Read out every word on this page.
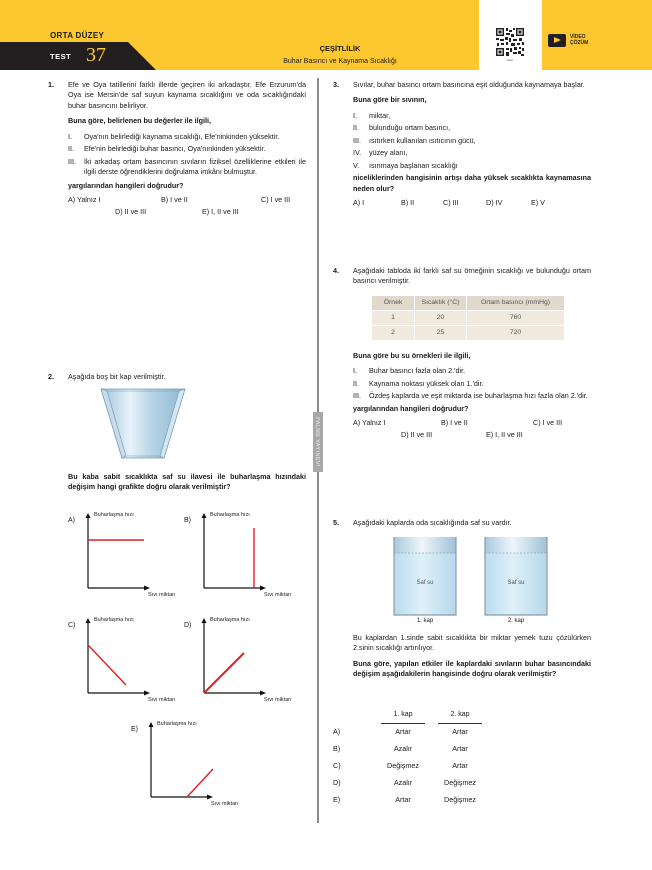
ORTA DÜZEY
TEST 37	ÇEŞİTLİLİK
Buhar Basıncı ve Kaynama Sıcaklığı	▪▪▪▪▪▪
VİDEO
ÇÖZÜM
PALME YAYINEVİ
1. Efe ve Oya tatillerini farklı illerde geçiren iki arkadaştır. Efe Erzurum'da Oya ise Mersin'de saf suyun kaynama sıcaklığını ve oda sıcaklığındaki buhar basıncını belirliyor.
Buna göre, belirlenen bu değerler ile ilgili,
I. Oya'nın belirlediği kaynama sıcaklığı, Efe'ninkinden yüksektir.
II. Efe'nin belirlediği buhar basıncı, Oya'nınkinden yüksektir.
III. İki arkadaş ortam basıncının sıvıların fiziksel özelliklerine etkileri ile ilgili derste öğrendiklerini doğrulama imkânı bulmuştur.
yargılarından hangileri doğrudur?
A) Yalnız I	B) I ve II	C) I ve III
D) II ve III	E) I, II ve III
2. Aşağıda boş bir kap verilmiştir.
Bu kaba sabit sıcaklıkta saf su ilavesi ile buharlaşma hızındaki değişim hangi grafikte doğru olarak verilmiştir?
A)
Buharlaşma hızı
Sıvı miktarı
B)
Buharlaşma hızı
Sıvı miktarı
C)
Buharlaşma hızı
Sıvı miktarı
D)
Buharlaşma hızı
Sıvı miktarı
E)
Buharlaşma hızı
Sıvı miktarı
3. Sıvılar, buhar basıncı ortam basıncına eşit olduğunda kaynamaya başlar.
Buna göre bir sıvının,
I. miktar,
II. bulunduğu ortam basıncı,
III. ısıtırken kullanılan ısıtıcının gücü,
IV. yüzey alanı,
V. ısınmaya başlanan sıcaklığı
niceliklerinden hangisinin artışı daha yüksek sıcaklıkta kaynamasına neden olur?
A) I	B) II	C) III	D) IV	E) V
4. Aşağıdaki tabloda iki farklı saf su örneğinin sıcaklığı ve bulunduğu ortam basıncı verilmiştir.
Örnek	Sıcaklık (°C)	Ortam basıncı (mmHg)
1	20	760
2	25	720
Buna göre bu su örnekleri ile ilgili,
I. Buhar basıncı fazla olan 2.'dir.
II. Kaynama noktası yüksek olan 1.'dir.
III. Özdeş kaplarda ve eşit miktarda ise buharlaşma hızı fazla olan 2.'dir.
yargılarından hangileri doğrudur?
A) Yalnız I	B) I ve II	C) I ve III
D) II ve III	E) I, II ve III
5. Aşağıdaki kaplarda oda sıcaklığında saf su vardır.
Saf su
1. kap
Saf su
2. kap
Bu kaplardan 1.sinde sabit sıcaklıkta bir miktar yemek tuzu çözülürken 2.sinin sıcaklığı artırılıyor.
Buna göre, yapılan etkiler ile kaplardaki sıvıların buhar basıncındaki değişim aşağıdakilerin hangisinde doğru olarak verilmiştir?
1. kap	2. kap
A)	Artar	Artar
B)	Azalır	Artar
C)	Değişmez	Artar
D)	Azalır	Değişmez
E)	Artar	Değişmez
